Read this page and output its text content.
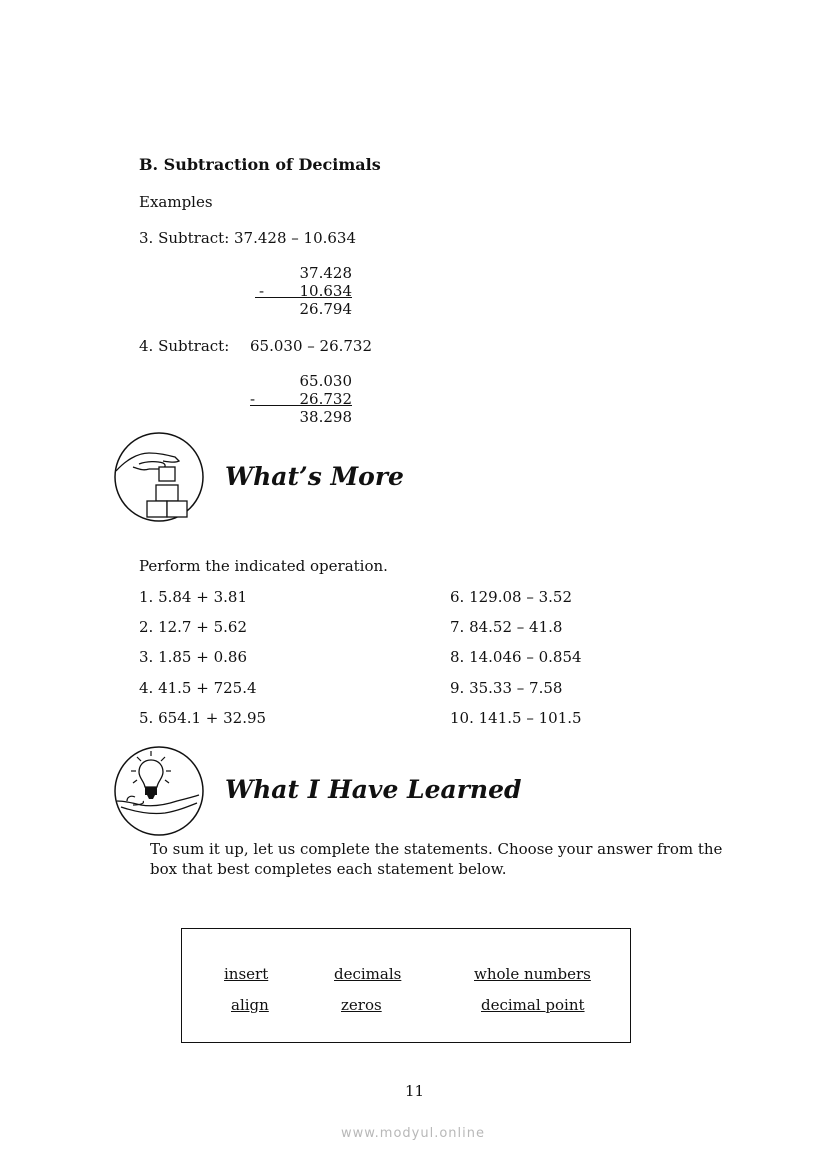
B. Subtraction of Decimals
Examples
3. Subtract: 37.428 – 10.634
37.428
- 10.634
26.794
4. Subtract: 65.030 – 26.732
65.030
-	26.732
38.298
What’s More
Perform the indicated operation.
1. 5.84 + 3.81
2. 12.7 + 5.62
3. 1.85 + 0.86
4. 41.5 + 725.4
5. 654.1 + 32.95
6. 129.08 – 3.52
7. 84.52 – 41.8
8. 14.046 – 0.854
9. 35.33 – 7.58
10. 141.5 – 101.5
What I Have Learned
To sum it up, let us complete the statements. Choose your answer from the
box that best completes each statement below.
insert	decimals	whole numbers
align	zeros	decimal point
11
www.modyul.online
